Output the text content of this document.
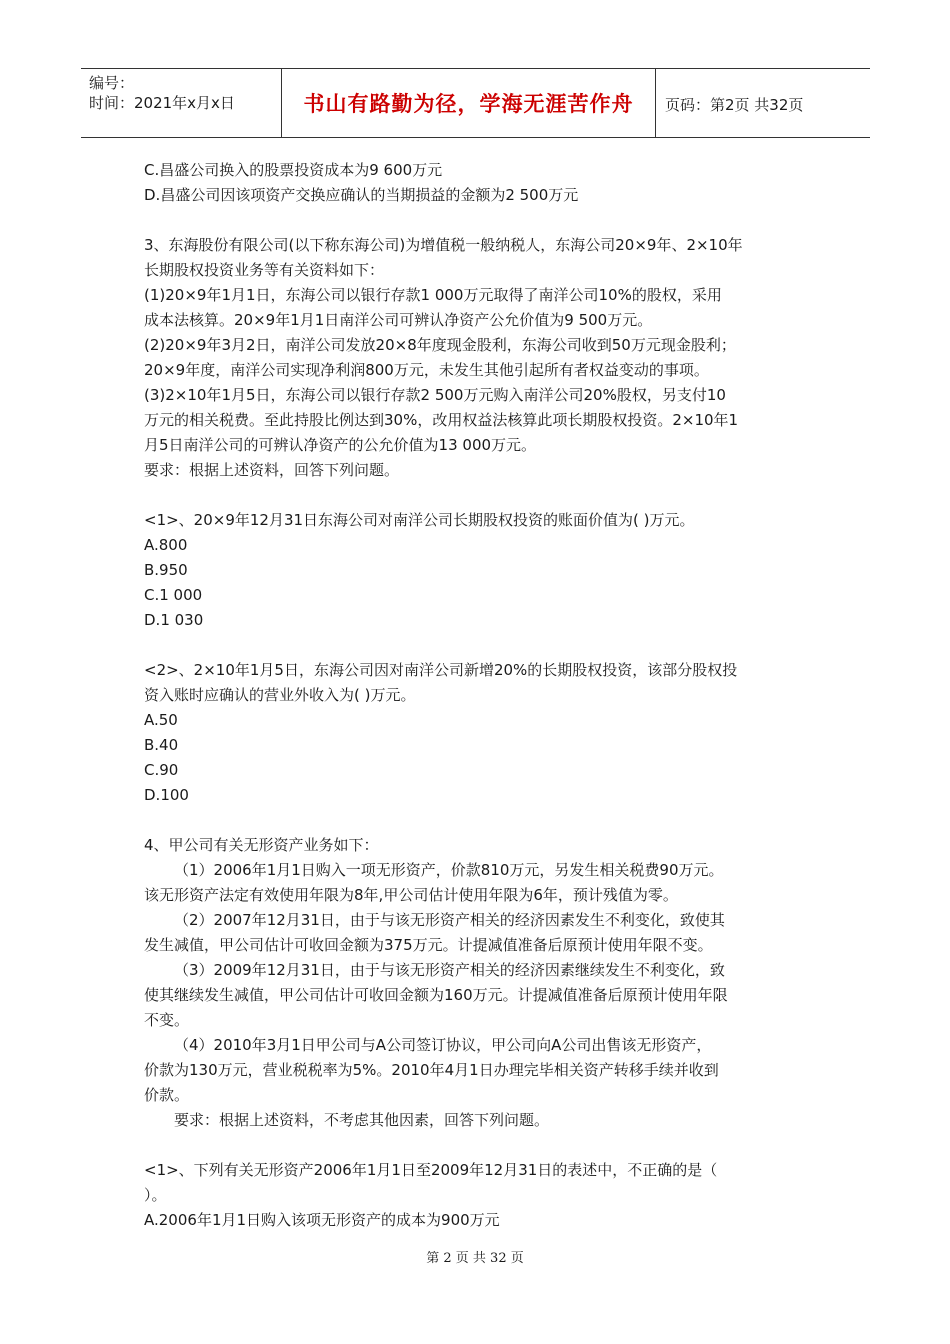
编号：
时间：2021年x月x日	书山有路勤为径，学海无涯苦作舟	页码：第2页 共32页

C.昌盛公司换入的股票投资成本为9 600万元

D.昌盛公司因该项资产交换应确认的当期损益的金额为2 500万元

3、东海股份有限公司(以下称东海公司)为增值税一般纳税人，东海公司20×9年、2×10年

长期股权投资业务等有关资料如下：

(1)20×9年1月1日，东海公司以银行存款1 000万元取得了南洋公司10%的股权，采用

成本法核算。20×9年1月1日南洋公司可辨认净资产公允价值为9 500万元。

(2)20×9年3月2日，南洋公司发放20×8年度现金股利，东海公司收到50万元现金股利；

20×9年度，南洋公司实现净利润800万元，未发生其他引起所有者权益变动的事项。

(3)2×10年1月5日，东海公司以银行存款2 500万元购入南洋公司20%股权，另支付10

万元的相关税费。至此持股比例达到30%，改用权益法核算此项长期股权投资。2×10年1

月5日南洋公司的可辨认净资产的公允价值为13 000万元。

要求：根据上述资料，回答下列问题。

<1>、20×9年12月31日东海公司对南洋公司长期股权投资的账面价值为( )万元。

A.800

B.950

C.1 000

D.1 030

<2>、2×10年1月5日，东海公司因对南洋公司新增20%的长期股权投资，该部分股权投

资入账时应确认的营业外收入为( )万元。

A.50

B.40

C.90

D.100

4、甲公司有关无形资产业务如下：

（1）2006年1月1日购入一项无形资产，价款810万元，另发生相关税费90万元。

该无形资产法定有效使用年限为8年,甲公司估计使用年限为6年，预计残值为零。

（2）2007年12月31日，由于与该无形资产相关的经济因素发生不利变化，致使其

发生减值，甲公司估计可收回金额为375万元。计提减值准备后原预计使用年限不变。

（3）2009年12月31日，由于与该无形资产相关的经济因素继续发生不利变化，致

使其继续发生减值，甲公司估计可收回金额为160万元。计提减值准备后原预计使用年限

不变。

（4）2010年3月1日甲公司与A公司签订协议，甲公司向A公司出售该无形资产，

价款为130万元，营业税税率为5%。2010年4月1日办理完毕相关资产转移手续并收到

价款。

要求：根据上述资料，不考虑其他因素，回答下列问题。

<1>、下列有关无形资产2006年1月1日至2009年12月31日的表述中，不正确的是（

）。

A.2006年1月1日购入该项无形资产的成本为900万元

第 2 页 共 32 页
